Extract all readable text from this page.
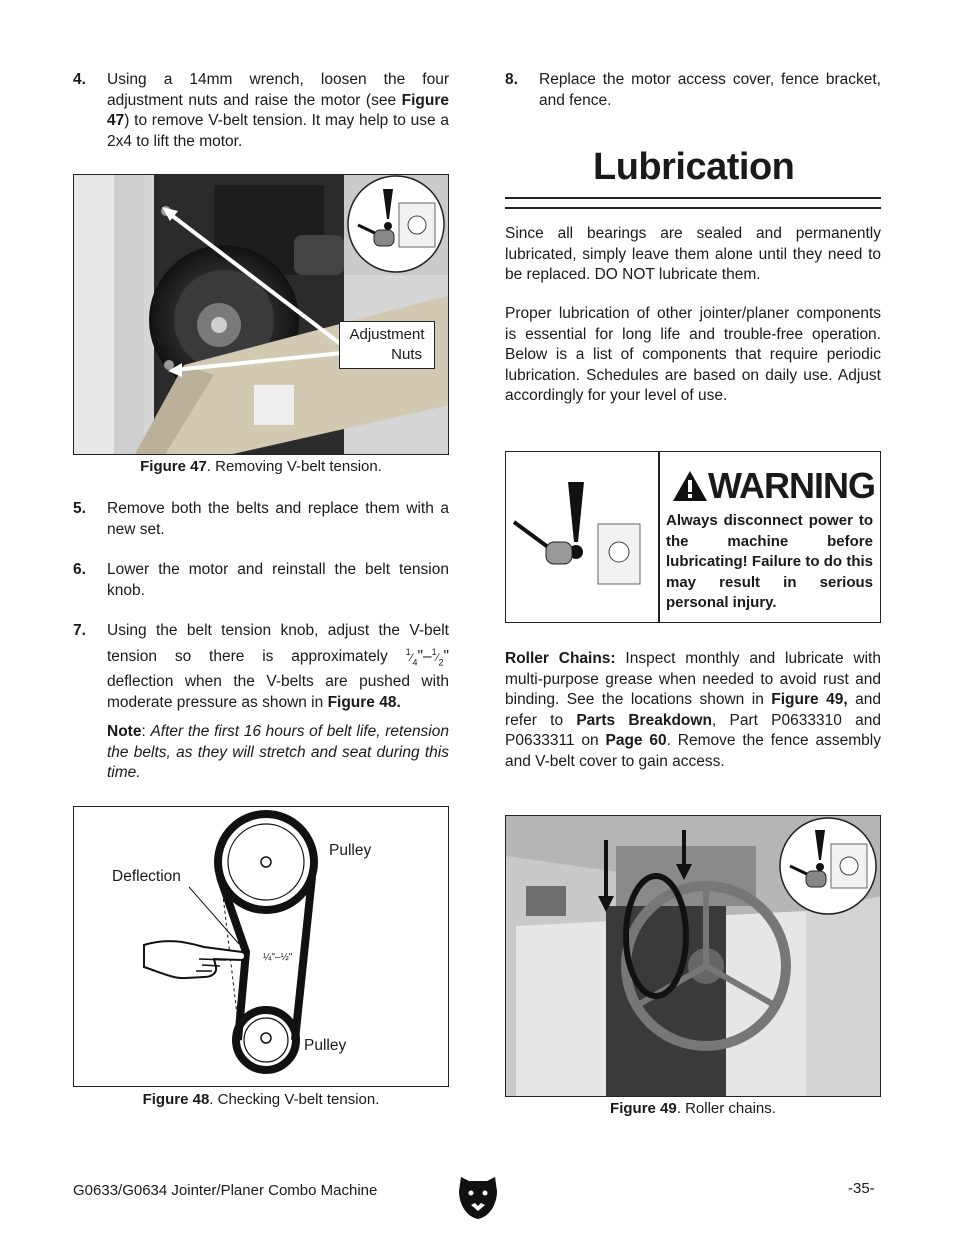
4. Using a 14mm wrench, loosen the four adjustment nuts and raise the motor (see Figure 47) to remove V-belt tension. It may help to use a 2x4 to lift the motor.
Adjustment
Nuts
Figure 47. Removing V-belt tension.
5. Remove both the belts and replace them with a new set.
6. Lower the motor and reinstall the belt tension knob.
7. Using the belt tension knob, adjust the V-belt tension so there is approximately $^1⁄_4"-^1⁄_2$" deflection when the V-belts are pushed with moderate pressure as shown in Figure 48.
Note: After the first 16 hours of belt life, retension the belts, as they will stretch and seat during this time.
Pulley
Deflection
¼"–½"
Pulley
Figure 48. Checking V-belt tension.
8. Replace the motor access cover, fence bracket, and fence.
Lubrication
Since all bearings are sealed and permanently lubricated, simply leave them alone until they need to be replaced. DO NOT lubricate them.
Proper lubrication of other jointer/planer components is essential for long life and trouble-free operation. Below is a list of components that require periodic lubrication. Schedules are based on daily use. Adjust accordingly for your level of use.
WARNING
Always disconnect power to the machine before lubricating! Failure to do this may result in serious personal injury.
Roller Chains: Inspect monthly and lubricate with multi-purpose grease when needed to avoid rust and binding. See the locations shown in Figure 49, and refer to Parts Breakdown, Part P0633310 and P0633311 on Page 60. Remove the fence assembly and V-belt cover to gain access.
Figure 49. Roller chains.
G0633/G0634 Jointer/Planer Combo Machine	-35-
